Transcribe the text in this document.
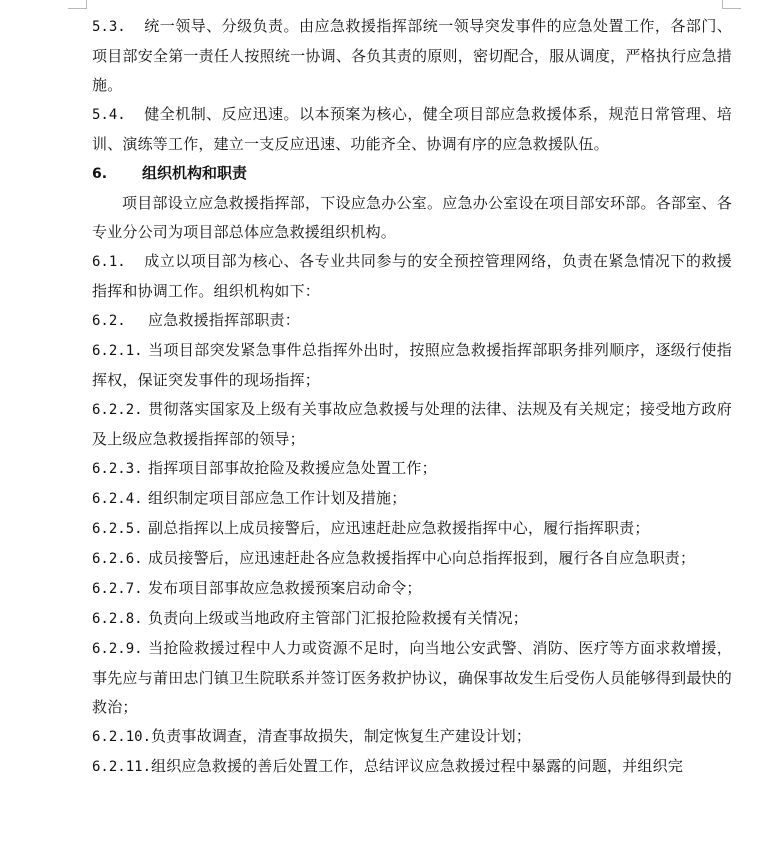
5.3. 统一领导、分级负责。由应急救援指挥部统一领导突发事件的应急处置工作，各部门、项目部安全第一责任人按照统一协调、各负其责的原则，密切配合，服从调度，严格执行应急措施。

5.4. 健全机制、反应迅速。以本预案为核心，健全项目部应急救援体系，规范日常管理、培训、演练等工作，建立一支反应迅速、功能齐全、协调有序的应急救援队伍。

6. 组织机构和职责

项目部设立应急救援指挥部，下设应急办公室。应急办公室设在项目部安环部。各部室、各专业分公司为项目部总体应急救援组织机构。

6.1. 成立以项目部为核心、各专业共同参与的安全预控管理网络，负责在紧急情况下的救援指挥和协调工作。组织机构如下：

6.2. 应急救援指挥部职责：

6.2.1. 当项目部突发紧急事件总指挥外出时，按照应急救援指挥部职务排列顺序，逐级行使指挥权，保证突发事件的现场指挥；

6.2.2. 贯彻落实国家及上级有关事故应急救援与处理的法律、法规及有关规定；接受地方政府及上级应急救援指挥部的领导；

6.2.3. 指挥项目部事故抢险及救援应急处置工作；

6.2.4. 组织制定项目部应急工作计划及措施；

6.2.5. 副总指挥以上成员接警后，应迅速赶赴应急救援指挥中心，履行指挥职责；

6.2.6. 成员接警后，应迅速赶赴各应急救援指挥中心向总指挥报到，履行各自应急职责；

6.2.7. 发布项目部事故应急救援预案启动命令；

6.2.8. 负责向上级或当地政府主管部门汇报抢险救援有关情况；

6.2.9. 当抢险救援过程中人力或资源不足时，向当地公安武警、消防、医疗等方面求救增援，事先应与莆田忠门镇卫生院联系并签订医务救护协议，确保事故发生后受伤人员能够得到最快的救治；

6.2.10.负责事故调查，清查事故损失，制定恢复生产建设计划；

6.2.11.组织应急救援的善后处置工作，总结评议应急救援过程中暴露的问题，并组织完
